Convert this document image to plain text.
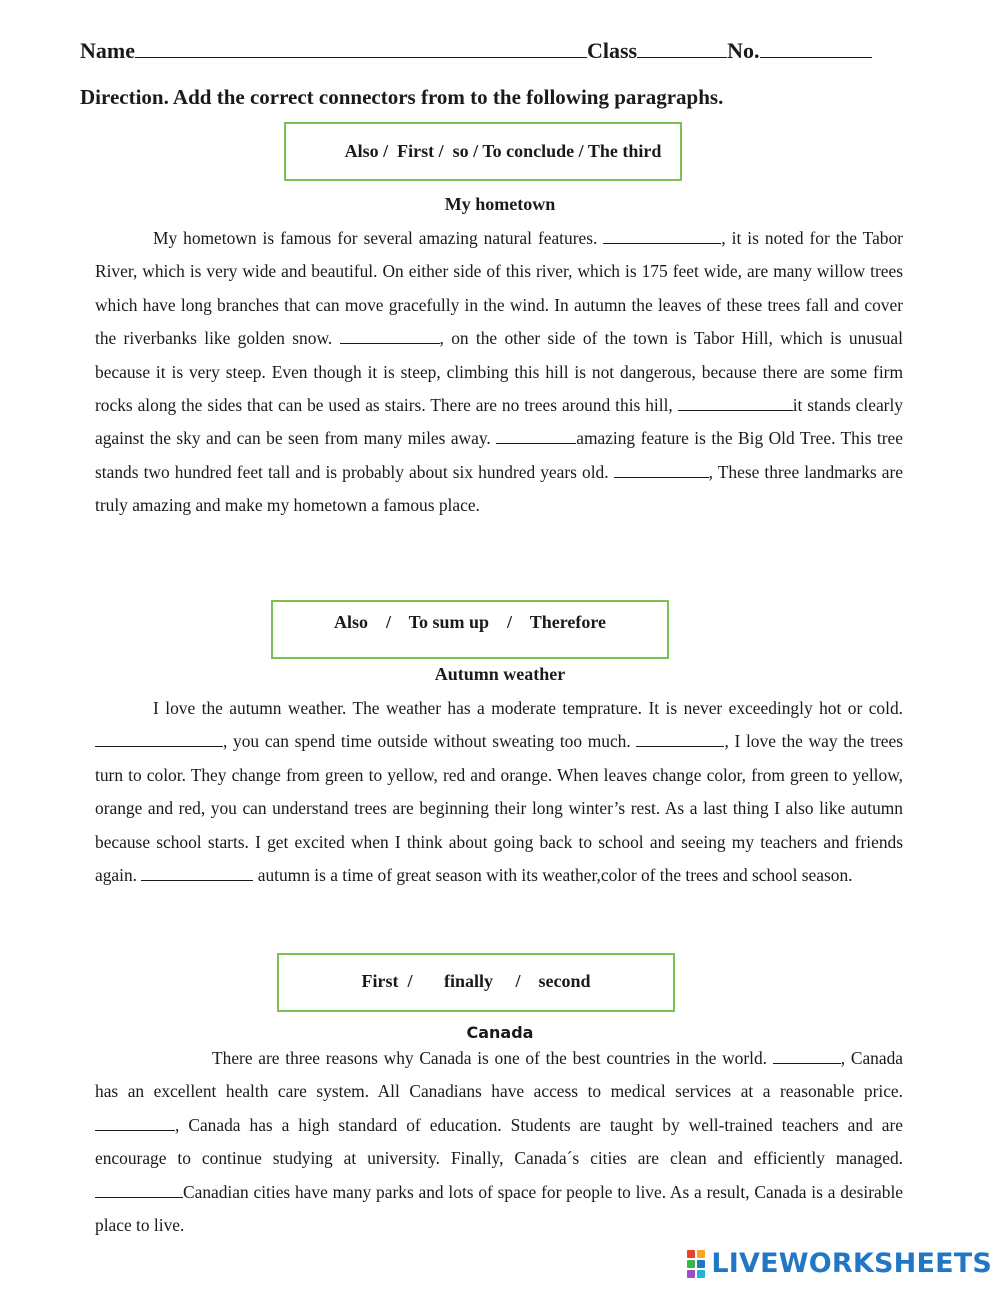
Name	Class	No.
Direction. Add the correct connectors from to the following paragraphs.
Also /  First /  so / To conclude / The third
My hometown

My hometown is famous for several amazing natural features.	, it is noted for the Tabor River, which is very wide and beautiful. On either side of this river, which is 175 feet wide, are many willow trees which have long branches that can move gracefully in the wind. In autumn the leaves of these trees fall and cover the riverbanks like golden snow.	, on the other side of the town is Tabor Hill, which is unusual because it is very steep. Even though it is steep, climbing this hill is not dangerous, because there are some firm rocks along the sides that can be used as stairs. There are no trees around this hill,	it stands clearly against the sky and can be seen from many miles away.	amazing feature is the Big Old Tree. This tree stands two hundred feet tall and is probably about six hundred years old.	, These three landmarks are truly amazing and make my hometown a famous place.

Also    /    To sum up    /    Therefore
Autumn weather

I love the autumn weather. The weather has a moderate temprature. It is never exceedingly hot or cold. , you can spend time outside without sweating too much.	, I love the way the trees turn to color. They change from green to yellow, red and orange. When leaves change color, from green to yellow, orange and red, you can understand trees are beginning their long winter’s rest. As a last thing I also like autumn because school starts. I get excited when I think about going back to school and seeing my teachers and friends again.	autumn is a time of great season with its weather,color of the trees and school season.

First  /       finally     /    second
Canada

There are three reasons why Canada is one of the best countries in the world.	, Canada has an excellent health care system. All Canadians have access to medical services at a reasonable price. , Canada has a high standard of education. Students are taught by well-trained teachers and are encourage to continue studying at university. Finally, Canada´s cities are clean and efficiently managed. Canadian cities have many parks and lots of space for people to live. As a result, Canada is a desirable place to live.

LIVEWORKSHEETS
